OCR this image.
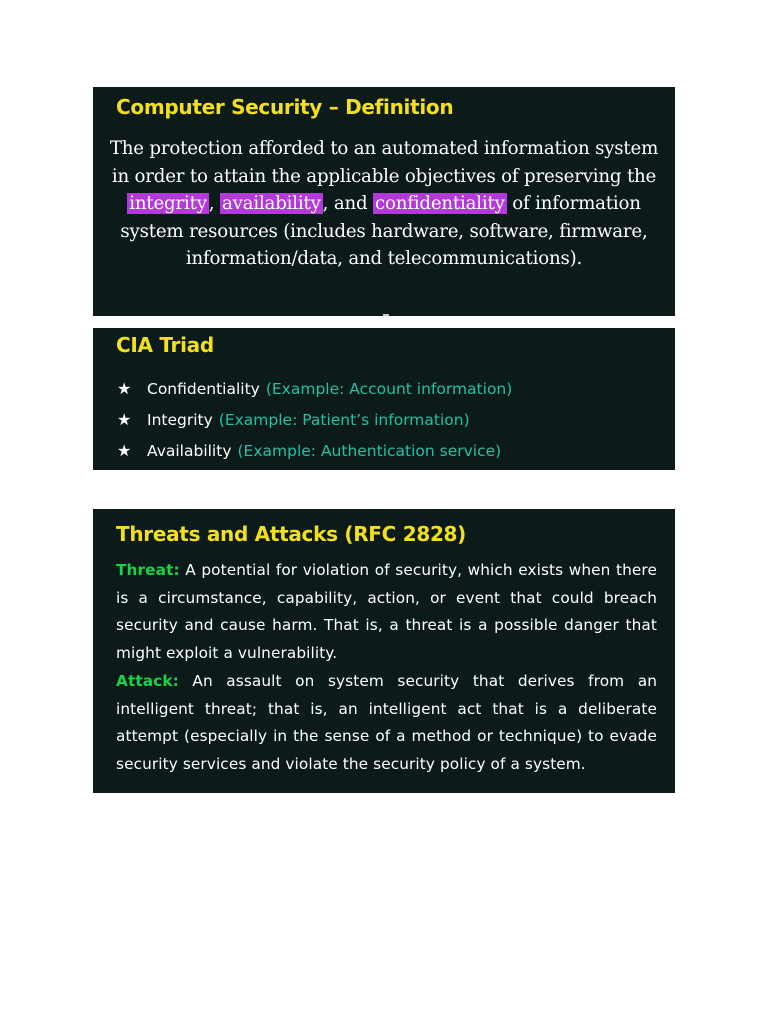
Computer Security – Definition
The protection afforded to an automated information system in order to attain the applicable objectives of preserving the integrity , availability , and confidentiality of information system resources (includes hardware, software, firmware, information/data, and telecommunications).
CIA Triad
★	Confidentiality (Example: Account information)
★	Integrity (Example: Patient’s information)
★	Availability (Example: Authentication service)
Threats and Attacks (RFC 2828)

Threat: A potential for violation of security, which exists when there is a circumstance, capability, action, or event that could breach security and cause harm. That is, a threat is a possible danger that might exploit a vulnerability.

Attack: An assault on system security that derives from an intelligent threat; that is, an intelligent act that is a deliberate attempt (especially in the sense of a method or technique) to evade security services and violate the security policy of a system.
